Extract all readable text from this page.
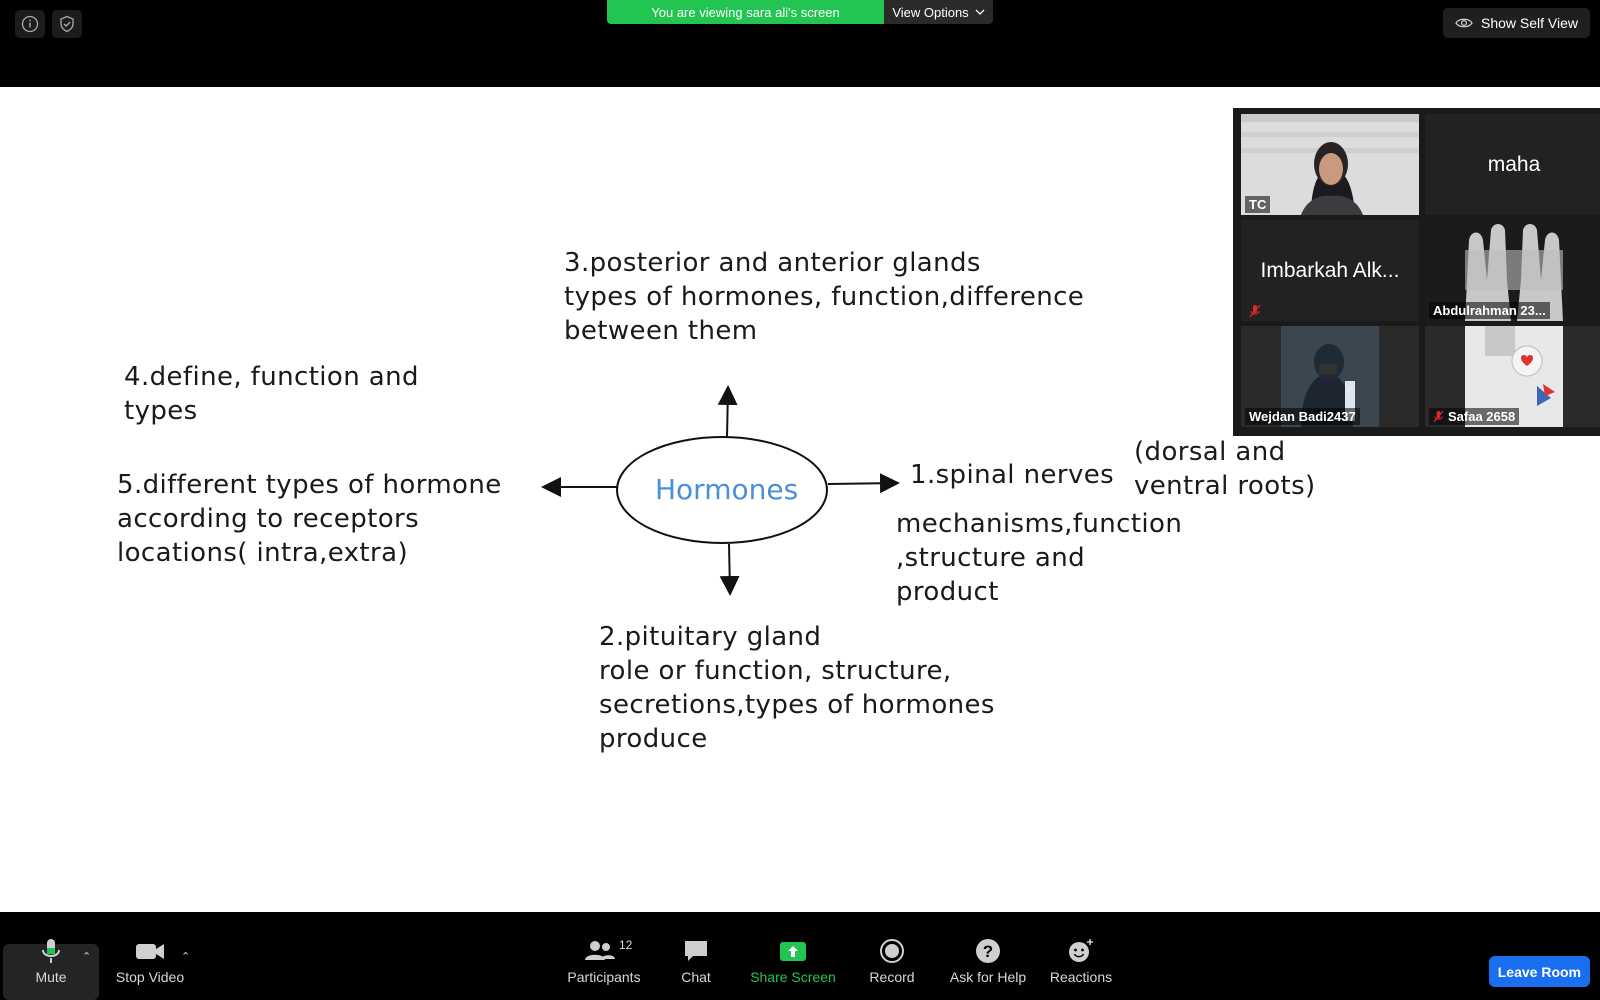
You are viewing sara ali's screen	View Options
Show Self View
Hormones
3.posterior and anterior glands
types of hormones, function,difference
between them
4.define, function and
types
5.different types of hormone
according to receptors
locations( intra,extra)
1.spinal nerves
(dorsal and
ventral roots)
mechanisms,function
,structure and
product
2.pituitary gland
role or function, structure,
secretions,types of hormones
produce
TC
maha
Imbarkah Alk...
Abdulrahman 23...
Wejdan Badi2437	Safaa 2658
Mute
⌃
Stop Video
⌃
12
Participants	Chat	Share Screen Record
?
Ask for Help Reactions	Leave Room
